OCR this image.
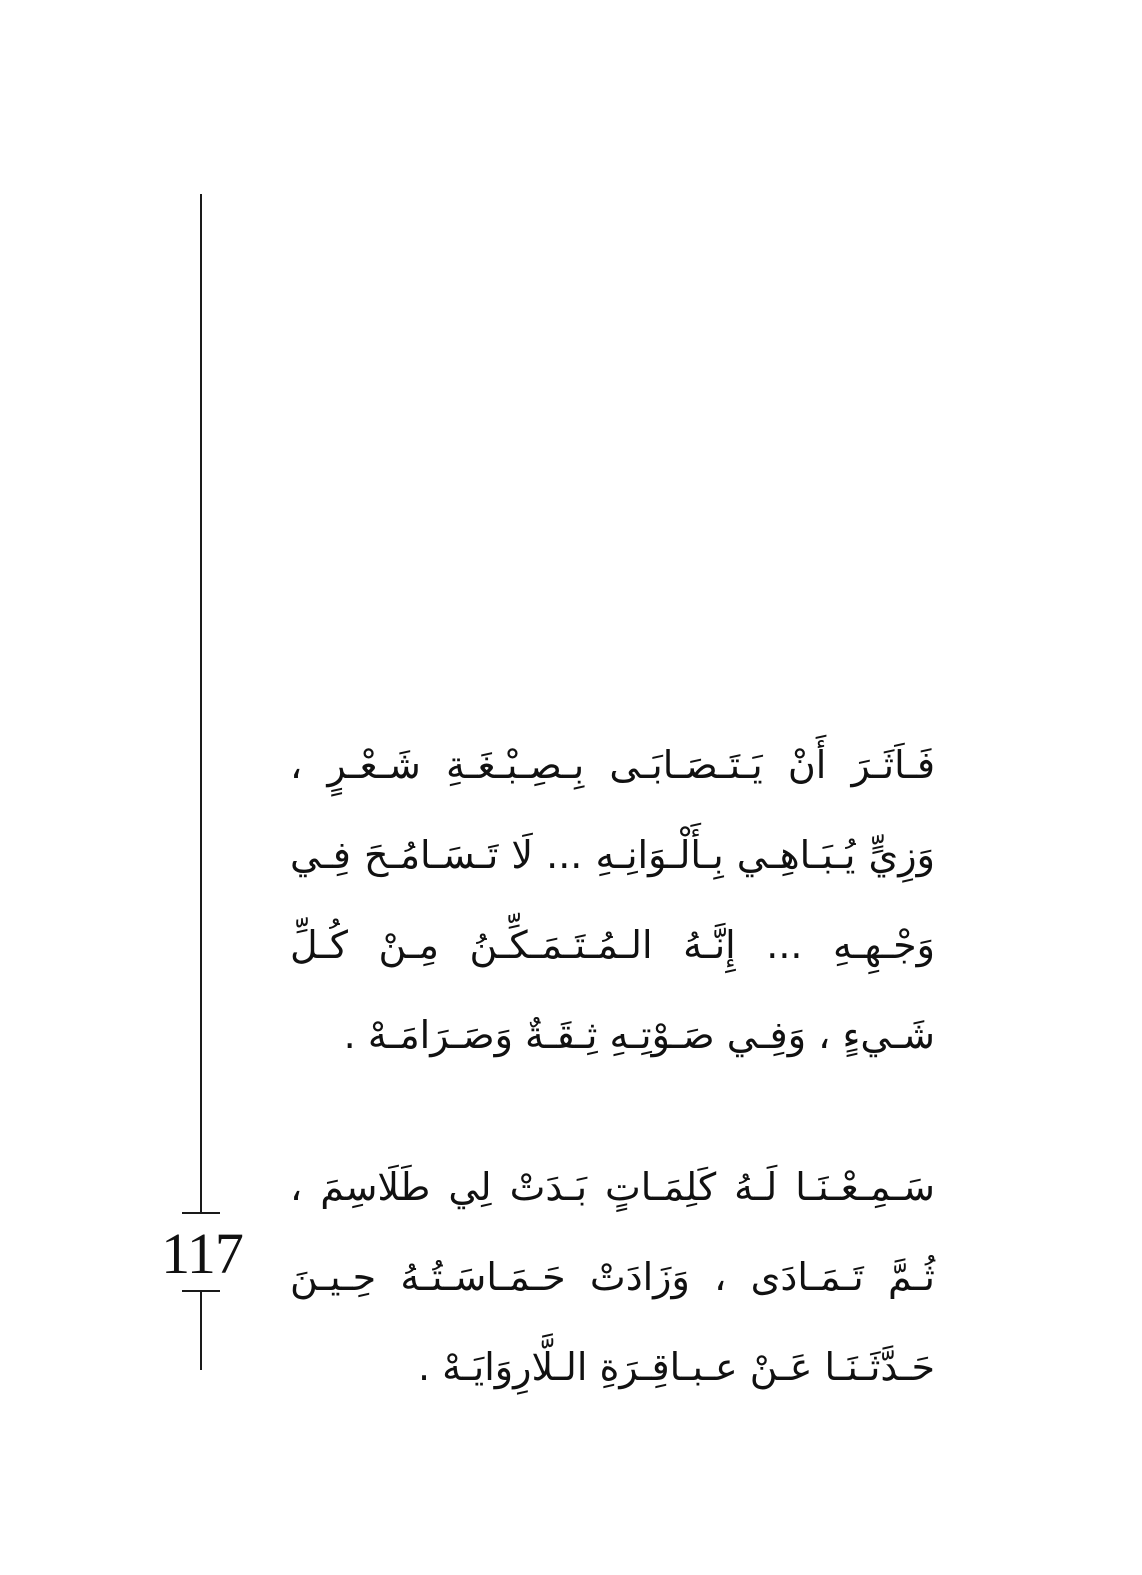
117
فَـاَثَـرَ أَنْ يَـتَـصَـابَـى بِـصِـبْـغَـةِ شَـعْـرٍ ،
وَزِيٍّ يُـبَـاهِـي بِـأَلْـوَانِـهِ ... لَا تَـسَـامُـحَ فِـي
وَجْـهِـهِ ... إِنَّـهُ الـمُـتَـمَـكِّـنُ مِـنْ كُـلِّ
شَـيءٍ ، وَفِـي صَـوْتِـهِ ثِـقَـةٌ وَصَـرَامَـهْ .
سَـمِـعْـنَـا لَـهُ كَلِمَـاتٍ بَـدَتْ لِي طَلَاسِمَ ،
ثُـمَّ تَـمَـادَى ، وَزَادَتْ حَـمَـاسَـتُـهُ حِـيـنَ
حَـدَّثَـنَـا عَـنْ عـبـاقِـرَةِ الـلَّارِوَايَـهْ .
